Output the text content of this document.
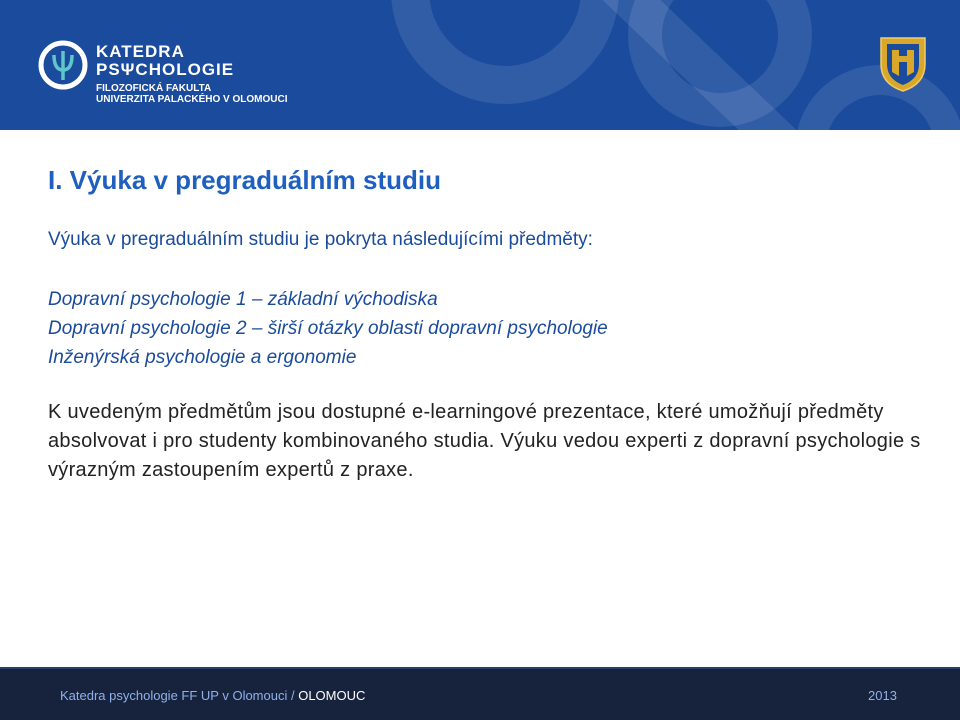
KATEDRA
PSΨCHOLOGIE
FILOZOFICKÁ FAKULTA
UNIVERZITA PALACKÉHO V OLOMOUCI
I. Výuka v pregraduálním studiu
Výuka v pregraduálním studiu je pokryta následujícími předměty:
Dopravní psychologie 1 – základní východiska
Dopravní psychologie 2 – širší otázky oblasti dopravní psychologie
Inženýrská psychologie a ergonomie
K uvedeným předmětům jsou dostupné e-learningové prezentace, které umožňují předměty absolvovat i pro studenty kombinovaného studia. Výuku vedou experti z dopravní psychologie s výrazným zastoupením expertů z praxe.
Katedra psychologie FF UP v Olomouci / OLOMOUC	2013
